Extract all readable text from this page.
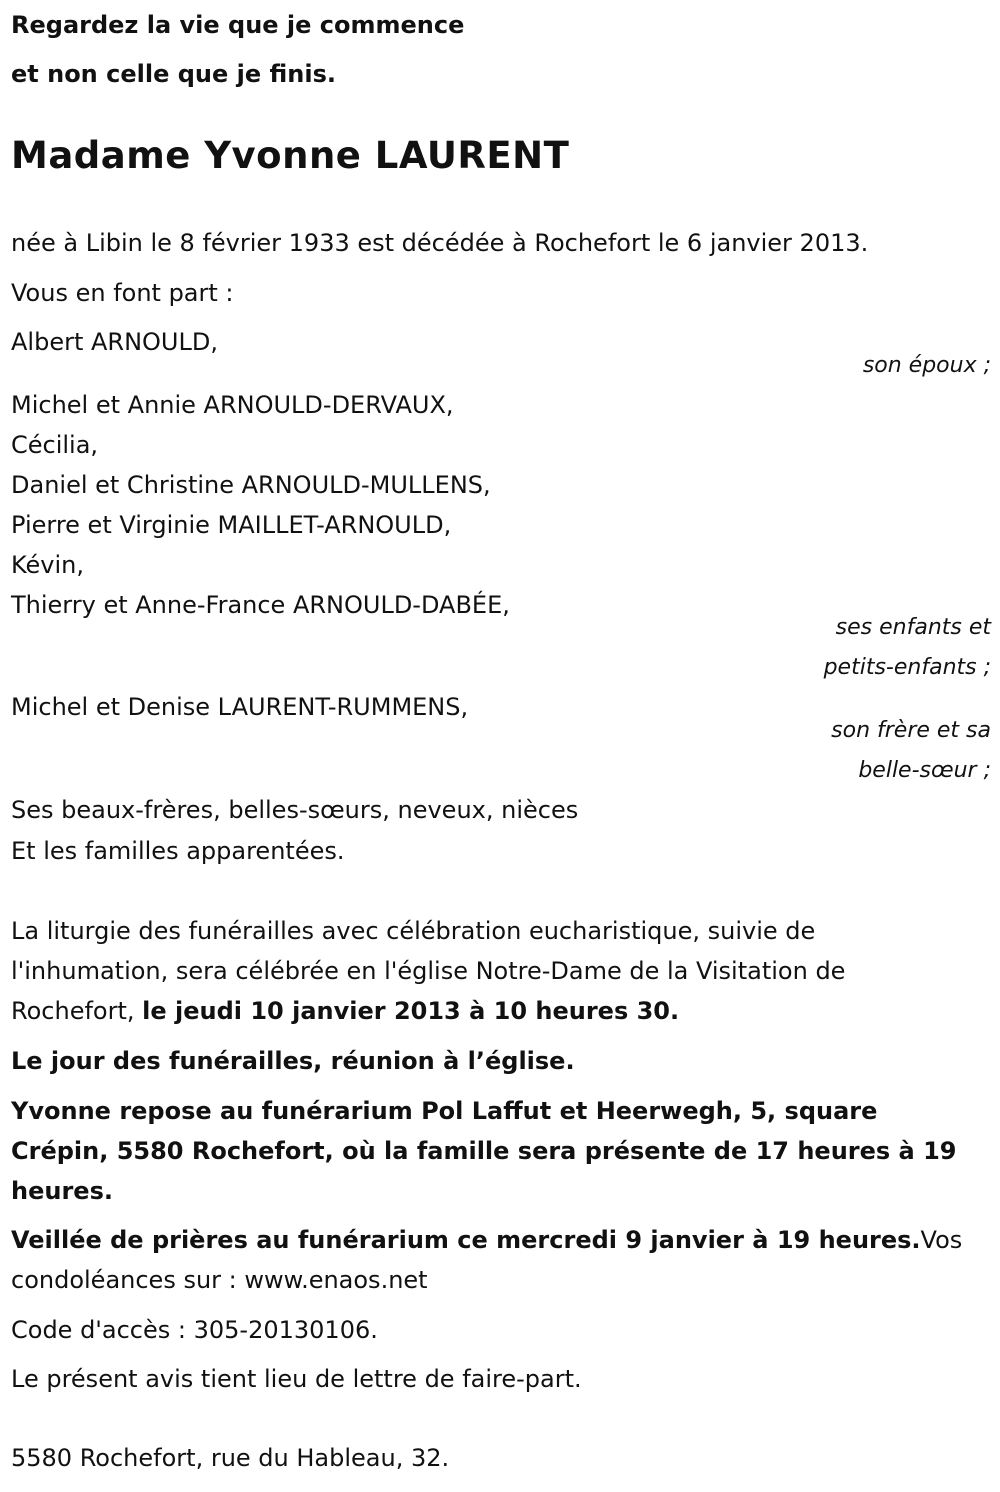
Regardez la vie que je commence
et non celle que je finis.
Madame Yvonne LAURENT
née à Libin le 8 février 1933 est décédée à Rochefort le 6 janvier 2013.
Vous en font part :
Albert ARNOULD,
son époux ;
Michel et Annie ARNOULD-DERVAUX,
Cécilia,
Daniel et Christine ARNOULD-MULLENS,
Pierre et Virginie MAILLET-ARNOULD,
Kévin,
Thierry et Anne-France ARNOULD-DABÉE,
ses enfants et
petits-enfants ;
Michel et Denise LAURENT-RUMMENS,
son frère et sa
belle-sœur ;
Ses beaux-frères, belles-sœurs, neveux, nièces
Et les familles apparentées.
La liturgie des funérailles avec célébration eucharistique, suivie de
l'inhumation, sera célébrée en l'église Notre-Dame de la Visitation de
Rochefort, le jeudi 10 janvier 2013 à 10 heures 30.
Le jour des funérailles, réunion à l’église.
Yvonne repose au funérarium Pol Laffut et Heerwegh, 5, square
Crépin, 5580 Rochefort, où la famille sera présente de 17 heures à 19
heures.
Veillée de prières au funérarium ce mercredi 9 janvier à 19 heures.Vos
condoléances sur : www.enaos.net
Code d'accès : 305-20130106.
Le présent avis tient lieu de lettre de faire-part.
5580 Rochefort, rue du Hableau, 32.
